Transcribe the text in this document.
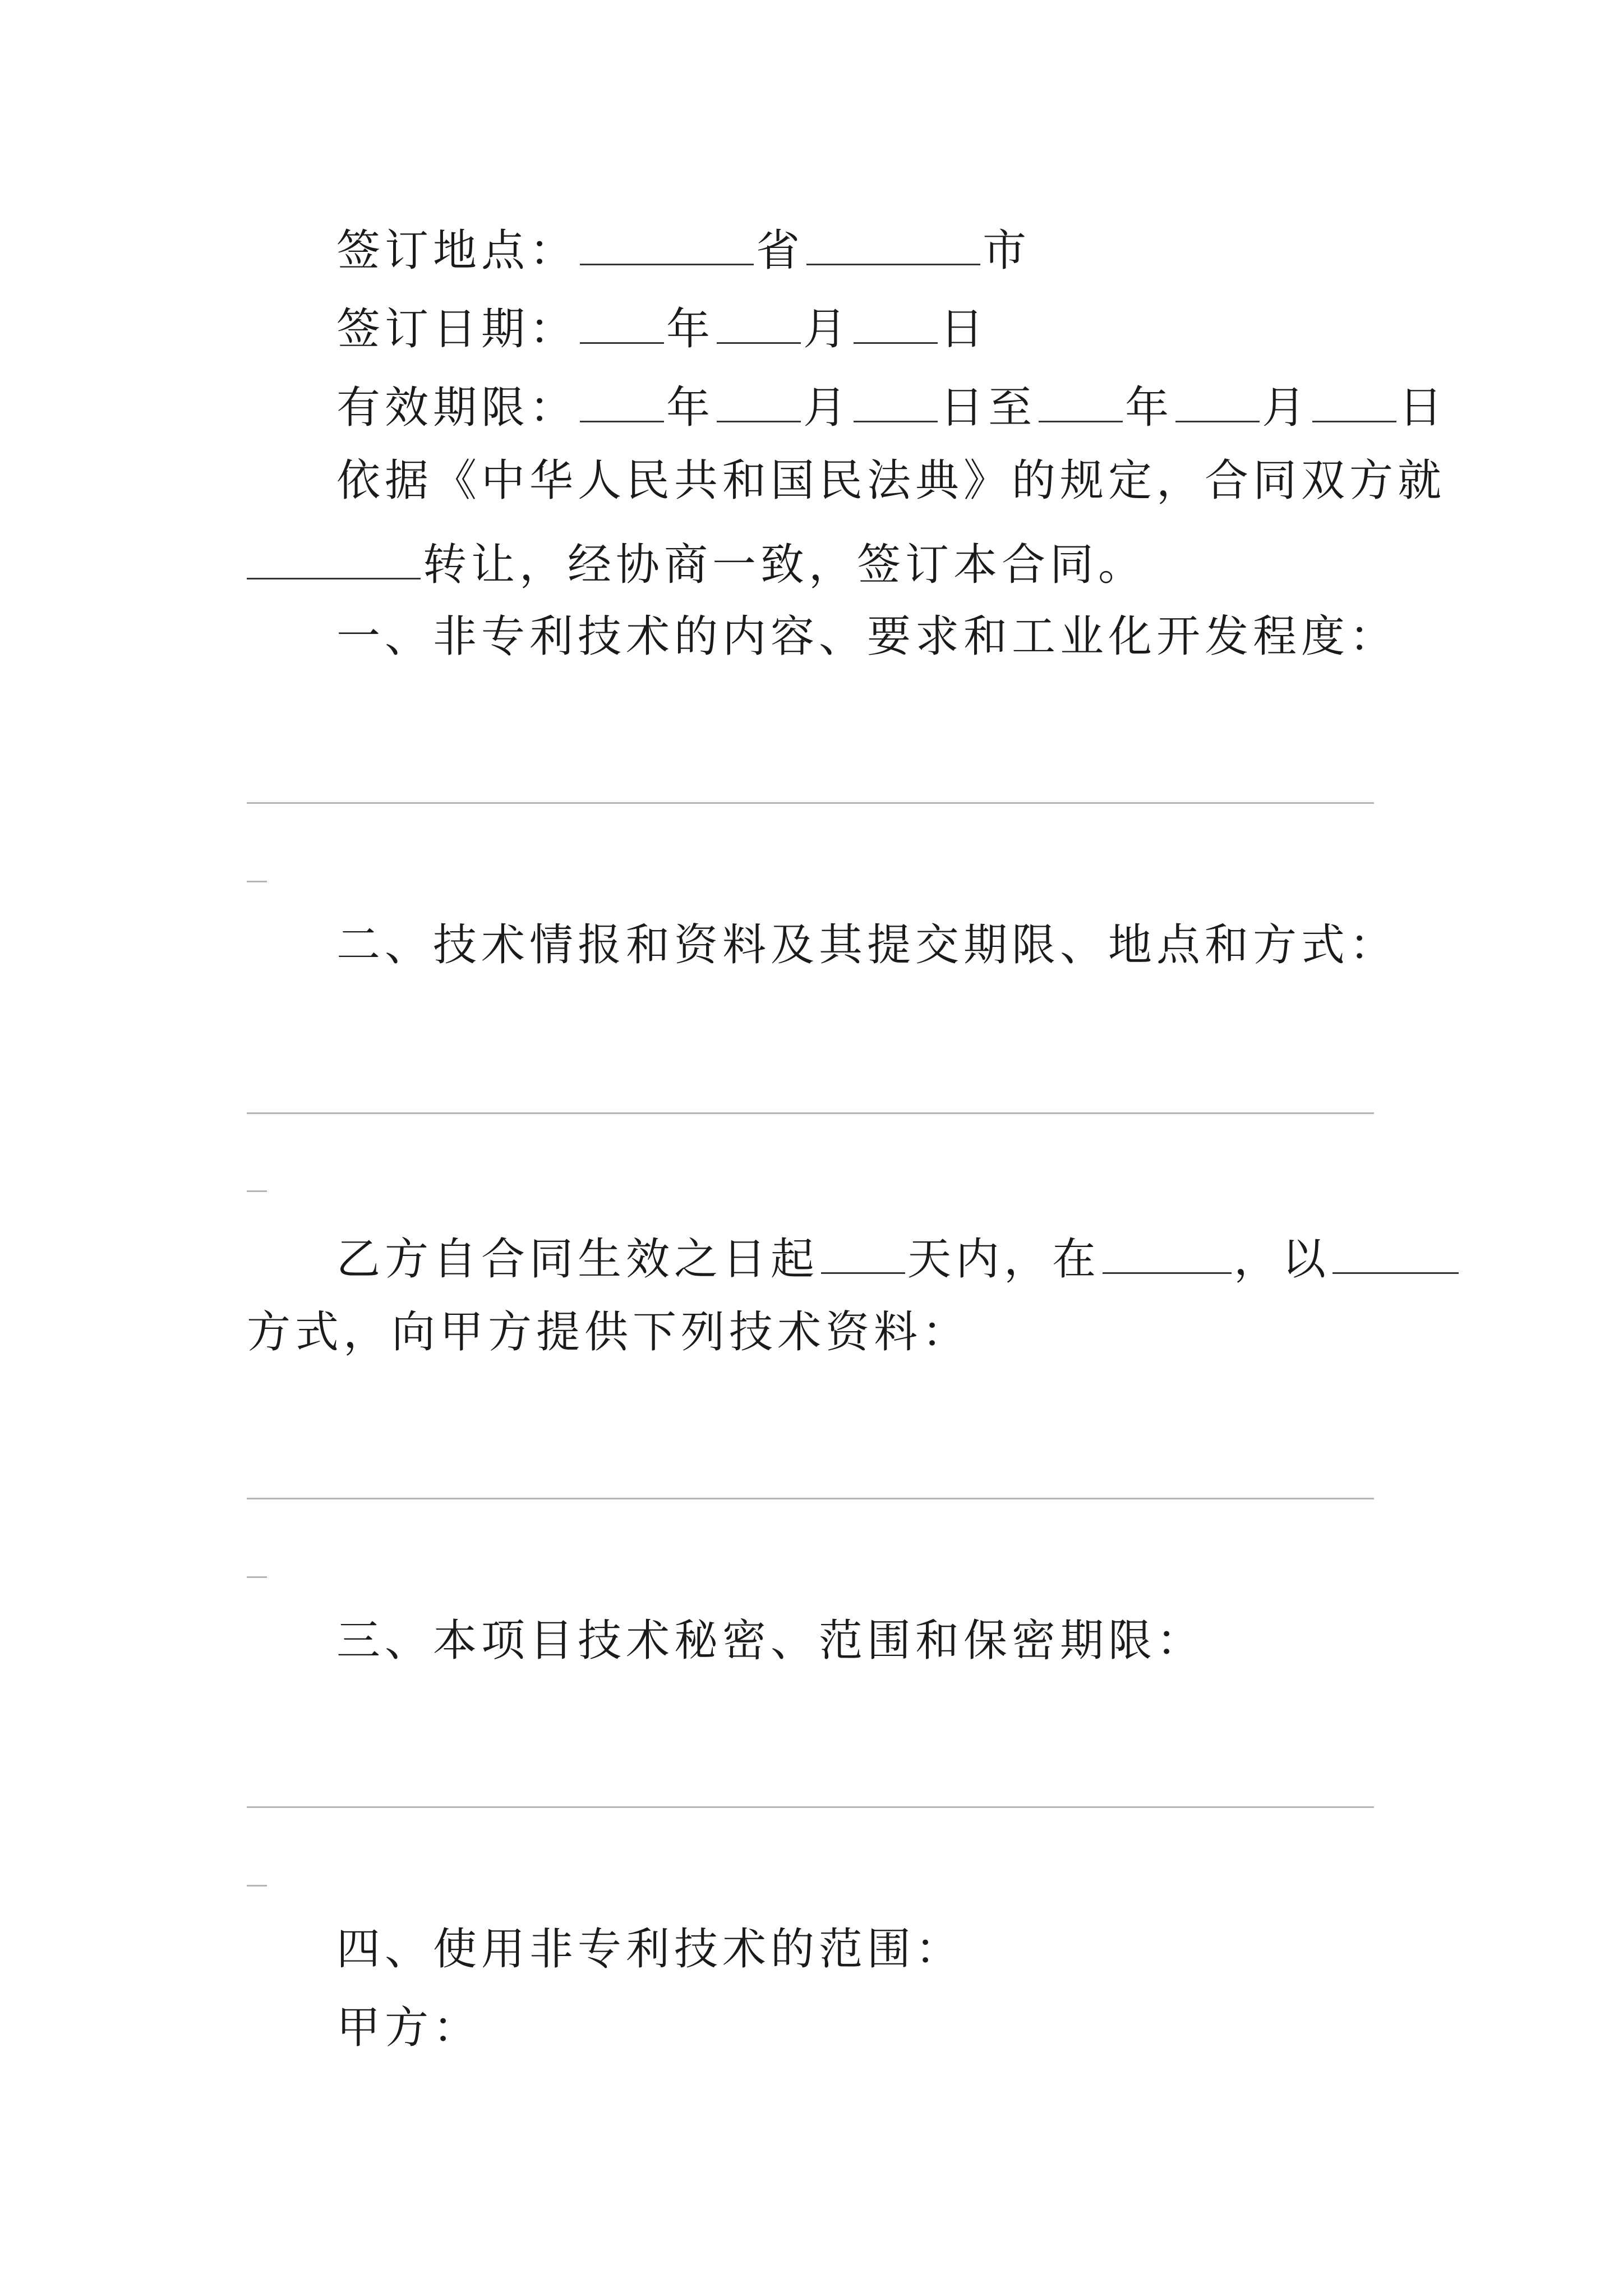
签订地点：	省	市
签订日期： 年 月 日
有效期限： 年 月 日至 年 月 日
依据《中华人民共和国民法典》的规定，合同双方就
转让，经协商一致，签订本合同。
一、非专利技术的内容、要求和工业化开发程度：
二、技术情报和资料及其提交期限、地点和方式：
乙方自合同生效之日起 天内，在	，以
方式，向甲方提供下列技术资料：
三、本项目技术秘密、范围和保密期限：
四、使用非专利技术的范围：
甲方：
